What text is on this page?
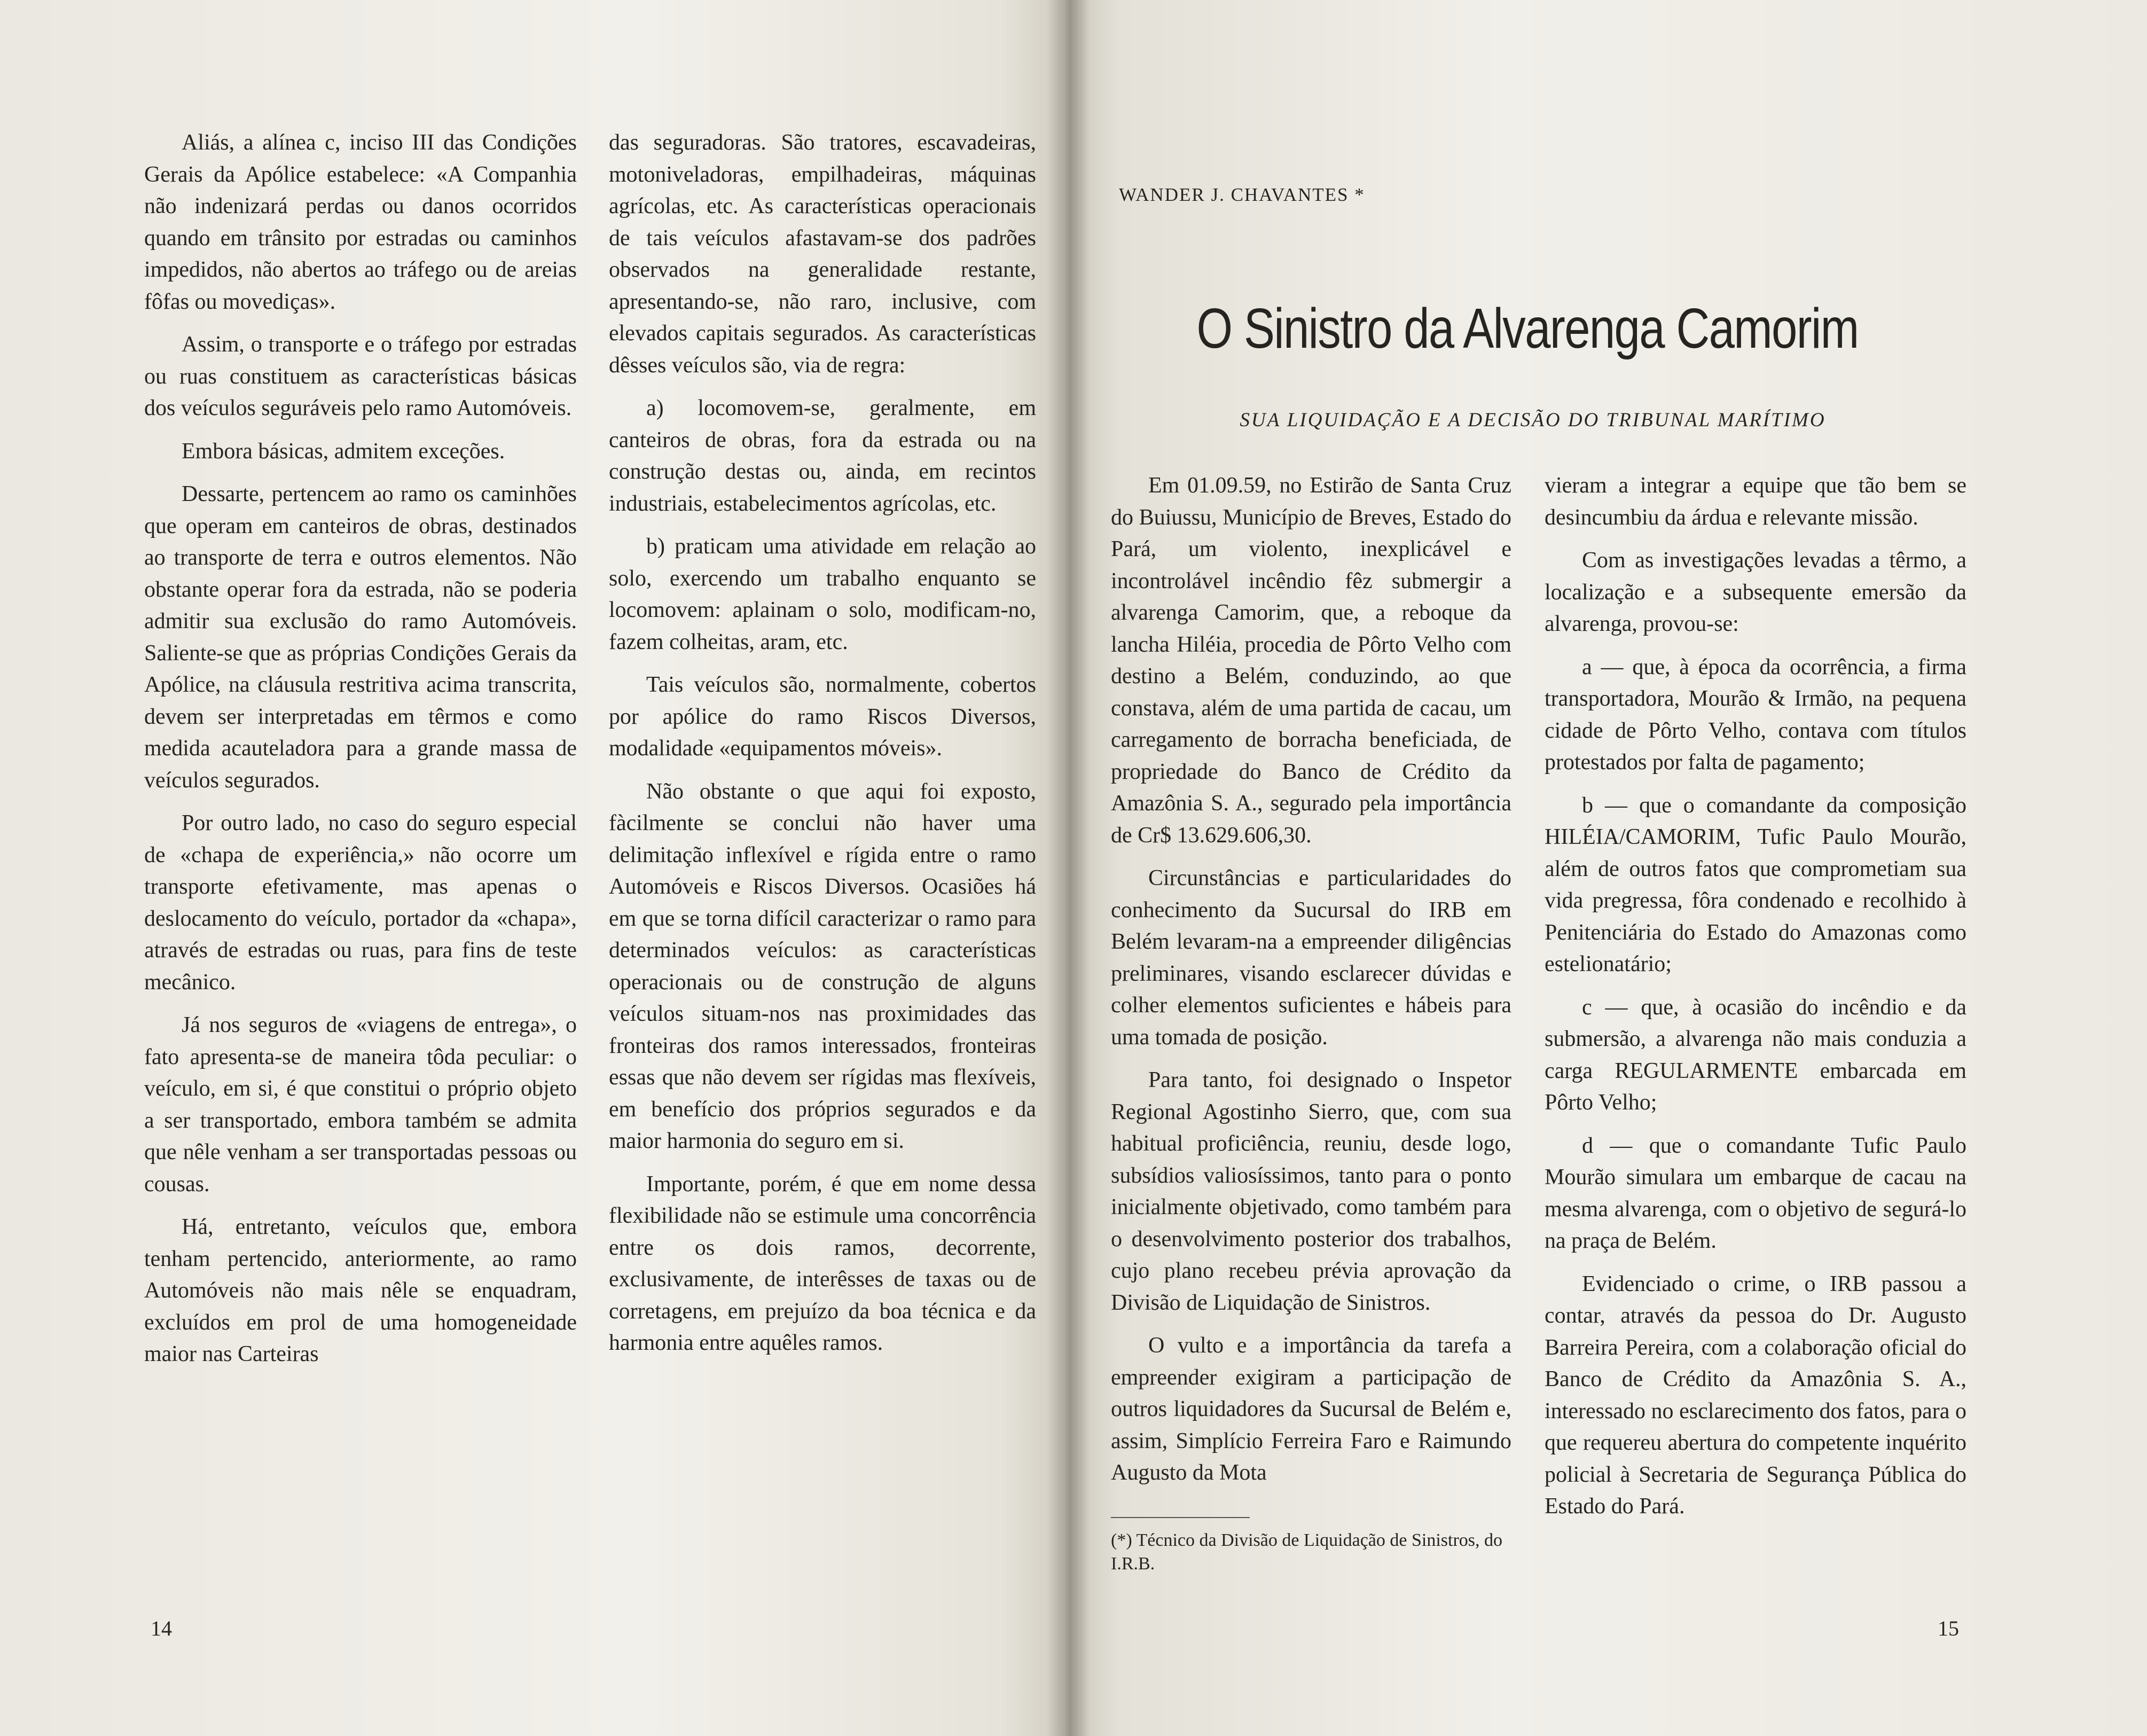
Aliás, a alínea c, inciso III das Condições Gerais da Apólice estabelece: «A Companhia não indenizará perdas ou danos ocorridos quando em trânsito por estradas ou caminhos impedidos, não abertos ao tráfego ou de areias fôfas ou movediças».

Assim, o transporte e o tráfego por estradas ou ruas constituem as características básicas dos veículos seguráveis pelo ramo Automóveis.

Embora básicas, admitem exceções.

Dessarte, pertencem ao ramo os caminhões que operam em canteiros de obras, destinados ao transporte de terra e outros elementos. Não obstante operar fora da estrada, não se poderia admitir sua exclusão do ramo Automóveis. Saliente-se que as próprias Condições Gerais da Apólice, na cláusula restritiva acima transcrita, devem ser interpretadas em têrmos e como medida acauteladora para a grande massa de veículos segurados.

Por outro lado, no caso do seguro especial de «chapa de experiência,» não ocorre um transporte efetivamente, mas apenas o deslocamento do veículo, portador da «chapa», através de estradas ou ruas, para fins de teste mecânico.

Já nos seguros de «viagens de entrega», o fato apresenta-se de maneira tôda peculiar: o veículo, em si, é que constitui o próprio objeto a ser transportado, embora também se admita que nêle venham a ser transportadas pessoas ou cousas.

Há, entretanto, veículos que, embora tenham pertencido, anteriormente, ao ramo Automóveis não mais nêle se enquadram, excluídos em prol de uma homogeneidade maior nas Carteiras

das seguradoras. São tratores, escavadeiras, motoniveladoras, empilhadeiras, máquinas agrícolas, etc. As características operacionais de tais veículos afastavam-se dos padrões observados na generalidade restante, apresentando-se, não raro, inclusive, com elevados capitais segurados. As características dêsses veículos são, via de regra:

a) locomovem-se, geralmente, em canteiros de obras, fora da estrada ou na construção destas ou, ainda, em recintos industriais, estabelecimentos agrícolas, etc.

b) praticam uma atividade em relação ao solo, exercendo um trabalho enquanto se locomovem: aplainam o solo, modificam-no, fazem colheitas, aram, etc.

Tais veículos são, normalmente, cobertos por apólice do ramo Riscos Diversos, modalidade «equipamentos móveis».

Não obstante o que aqui foi exposto, fàcilmente se conclui não haver uma delimitação inflexível e rígida entre o ramo Automóveis e Riscos Diversos. Ocasiões há em que se torna difícil caracterizar o ramo para determinados veículos: as características operacionais ou de construção de alguns veículos situam-nos nas proximidades das fronteiras dos ramos interessados, fronteiras essas que não devem ser rígidas mas flexíveis, em benefício dos próprios segurados e da maior harmonia do seguro em si.

Importante, porém, é que em nome dessa flexibilidade não se estimule uma concorrência entre os dois ramos, decorrente, exclusivamente, de interêsses de taxas ou de corretagens, em prejuízo da boa técnica e da harmonia entre aquêles ramos.

14
WANDER J. CHAVANTES *
O Sinistro da Alvarenga Camorim
SUA LIQUIDAÇÃO E A DECISÃO DO TRIBUNAL MARÍTIMO

Em 01.09.59, no Estirão de Santa Cruz do Buiussu, Município de Breves, Estado do Pará, um violento, inexplicável e incontrolável incêndio fêz submergir a alvarenga Camorim, que, a reboque da lancha Hiléia, procedia de Pôrto Velho com destino a Belém, conduzindo, ao que constava, além de uma partida de cacau, um carregamento de borracha beneficiada, de propriedade do Banco de Crédito da Amazônia S. A., segurado pela importância de Cr$ 13.629.606,30.

Circunstâncias e particularidades do conhecimento da Sucursal do IRB em Belém levaram-na a empreender diligências preliminares, visando esclarecer dúvidas e colher elementos suficientes e hábeis para uma tomada de posição.

Para tanto, foi designado o Inspetor Regional Agostinho Sierro, que, com sua habitual proficiência, reuniu, desde logo, subsídios valiosíssimos, tanto para o ponto inicialmente objetivado, como também para o desenvolvimento posterior dos trabalhos, cujo plano recebeu prévia aprovação da Divisão de Liquidação de Sinistros.

O vulto e a importância da tarefa a empreender exigiram a participação de outros liquidadores da Sucursal de Belém e, assim, Simplício Ferreira Faro e Raimundo Augusto da Mota

vieram a integrar a equipe que tão bem se desincumbiu da árdua e relevante missão.

Com as investigações levadas a têrmo, a localização e a subsequente emersão da alvarenga, provou-se:

a — que, à época da ocorrência, a firma transportadora, Mourão & Irmão, na pequena cidade de Pôrto Velho, contava com títulos protestados por falta de pagamento;

b — que o comandante da composição HILÉIA/CAMORIM, Tufic Paulo Mourão, além de outros fatos que comprometiam sua vida pregressa, fôra condenado e recolhido à Penitenciária do Estado do Amazonas como estelionatário;

c — que, à ocasião do incêndio e da submersão, a alvarenga não mais conduzia a carga REGULARMENTE embarcada em Pôrto Velho;

d — que o comandante Tufic Paulo Mourão simulara um embarque de cacau na mesma alvarenga, com o objetivo de segurá-lo na praça de Belém.

Evidenciado o crime, o IRB passou a contar, através da pessoa do Dr. Augusto Barreira Pereira, com a colaboração oficial do Banco de Crédito da Amazônia S. A., interessado no esclarecimento dos fatos, para o que requereu abertura do competente inquérito policial à Secretaria de Segurança Pública do Estado do Pará.

(*) Técnico da Divisão de Liquidação de Sinistros, do I.R.B.
15
